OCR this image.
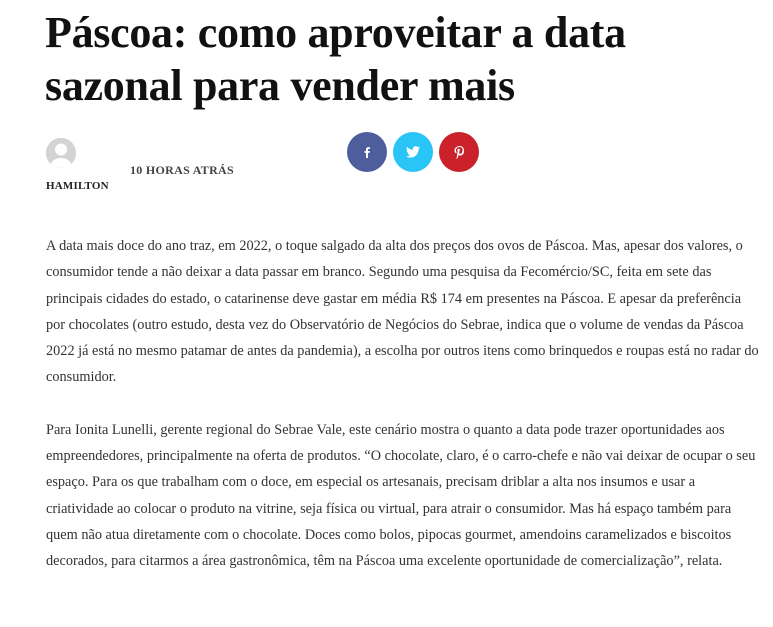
Páscoa: como aproveitar a data sazonal para vender mais
HAMILTON
10 HORAS ATRÁS

A data mais doce do ano traz, em 2022, o toque salgado da alta dos preços dos ovos de Páscoa. Mas, apesar dos valores, o consumidor tende a não deixar a data passar em branco. Segundo uma pesquisa da Fecomércio/SC, feita em sete das principais cidades do estado, o catarinense deve gastar em média R$ 174 em presentes na Páscoa. E apesar da preferência por chocolates (outro estudo, desta vez do Observatório de Negócios do Sebrae, indica que o volume de vendas da Páscoa 2022 já está no mesmo patamar de antes da pandemia), a escolha por outros itens como brinquedos e roupas está no radar do consumidor.

Para Ionita Lunelli, gerente regional do Sebrae Vale, este cenário mostra o quanto a data pode trazer oportunidades aos empreendedores, principalmente na oferta de produtos. “O chocolate, claro, é o carro-chefe e não vai deixar de ocupar o seu espaço. Para os que trabalham com o doce, em especial os artesanais, precisam driblar a alta nos insumos e usar a criatividade ao colocar o produto na vitrine, seja física ou virtual, para atrair o consumidor. Mas há espaço também para quem não atua diretamente com o chocolate. Doces como bolos, pipocas gourmet, amendoins caramelizados e biscoitos decorados, para citarmos a área gastronômica, têm na Páscoa uma excelente oportunidade de comercialização”, relata.
